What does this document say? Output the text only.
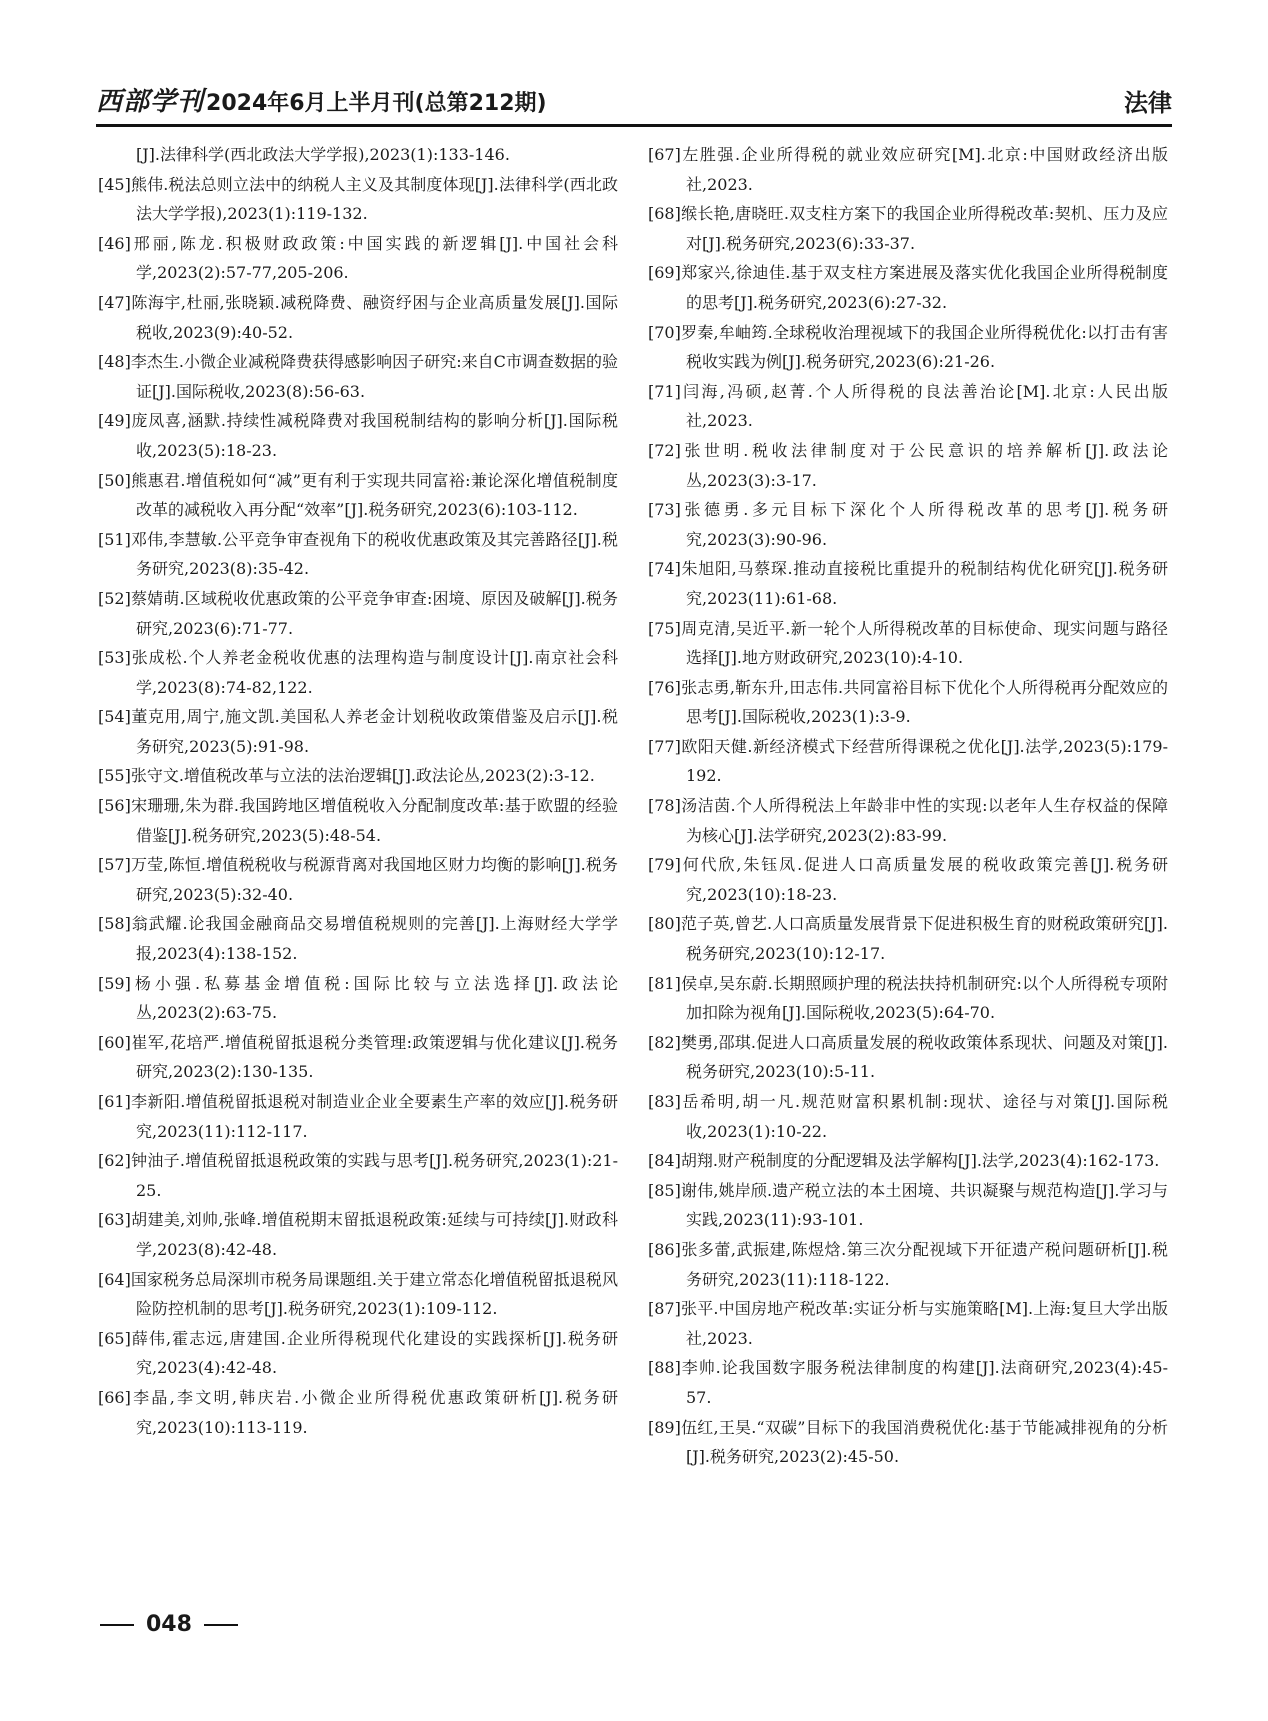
西部学刊 2024年6月上半月刊(总第212期)	法律

[J].法律科学(西北政法大学学报),2023(1):133-146.

[45]熊伟.税法总则立法中的纳税人主义及其制度体现[J].法律科学(西北政法大学学报),2023(1):119-132.

[46]邢丽,陈龙.积极财政政策:中国实践的新逻辑[J].中国社会科学,2023(2):57-77,205-206.

[47]陈海宇,杜丽,张晓颖.减税降费、融资纾困与企业高质量发展[J].国际税收,2023(9):40-52.

[48]李杰生.小微企业减税降费获得感影响因子研究:来自C市调查数据的验证[J].国际税收,2023(8):56-63.

[49]庞凤喜,涵默.持续性减税降费对我国税制结构的影响分析[J].国际税收,2023(5):18-23.

[50]熊惠君.增值税如何“减”更有利于实现共同富裕:兼论深化增值税制度改革的减税收入再分配“效率”[J].税务研究,2023(6):103-112.

[51]邓伟,李慧敏.公平竞争审查视角下的税收优惠政策及其完善路径[J].税务研究,2023(8):35-42.

[52]蔡婧萌.区域税收优惠政策的公平竞争审查:困境、原因及破解[J].税务研究,2023(6):71-77.

[53]张成松.个人养老金税收优惠的法理构造与制度设计[J].南京社会科学,2023(8):74-82,122.

[54]董克用,周宁,施文凯.美国私人养老金计划税收政策借鉴及启示[J].税务研究,2023(5):91-98.

[55]张守文.增值税改革与立法的法治逻辑[J].政法论丛,2023(2):3-12.

[56]宋珊珊,朱为群.我国跨地区增值税收入分配制度改革:基于欧盟的经验借鉴[J].税务研究,2023(5):48-54.

[57]万莹,陈恒.增值税税收与税源背离对我国地区财力均衡的影响[J].税务研究,2023(5):32-40.

[58]翁武耀.论我国金融商品交易增值税规则的完善[J].上海财经大学学报,2023(4):138-152.

[59]杨小强.私募基金增值税:国际比较与立法选择[J].政法论丛,2023(2):63-75.

[60]崔军,花培严.增值税留抵退税分类管理:政策逻辑与优化建议[J].税务研究,2023(2):130-135.

[61]李新阳.增值税留抵退税对制造业企业全要素生产率的效应[J].税务研究,2023(11):112-117.

[62]钟油子.增值税留抵退税政策的实践与思考[J].税务研究,2023(1):21-25.

[63]胡建美,刘帅,张峰.增值税期末留抵退税政策:延续与可持续[J].财政科学,2023(8):42-48.

[64]国家税务总局深圳市税务局课题组.关于建立常态化增值税留抵退税风险防控机制的思考[J].税务研究,2023(1):109-112.

[65]薛伟,霍志远,唐建国.企业所得税现代化建设的实践探析[J].税务研究,2023(4):42-48.

[66]李晶,李文明,韩庆岩.小微企业所得税优惠政策研析[J].税务研究,2023(10):113-119.

[67]左胜强.企业所得税的就业效应研究[M].北京:中国财政经济出版社,2023.

[68]缑长艳,唐晓旺.双支柱方案下的我国企业所得税改革:契机、压力及应对[J].税务研究,2023(6):33-37.

[69]郑家兴,徐迪佳.基于双支柱方案进展及落实优化我国企业所得税制度的思考[J].税务研究,2023(6):27-32.

[70]罗秦,牟岫筠.全球税收治理视域下的我国企业所得税优化:以打击有害税收实践为例[J].税务研究,2023(6):21-26.

[71]闫海,冯硕,赵菁.个人所得税的良法善治论[M].北京:人民出版社,2023.

[72]张世明.税收法律制度对于公民意识的培养解析[J].政法论丛,2023(3):3-17.

[73]张德勇.多元目标下深化个人所得税改革的思考[J].税务研究,2023(3):90-96.

[74]朱旭阳,马蔡琛.推动直接税比重提升的税制结构优化研究[J].税务研究,2023(11):61-68.

[75]周克清,吴近平.新一轮个人所得税改革的目标使命、现实问题与路径选择[J].地方财政研究,2023(10):4-10.

[76]张志勇,靳东升,田志伟.共同富裕目标下优化个人所得税再分配效应的思考[J].国际税收,2023(1):3-9.

[77]欧阳天健.新经济模式下经营所得课税之优化[J].法学,2023(5):179-192.

[78]汤洁茵.个人所得税法上年龄非中性的实现:以老年人生存权益的保障为核心[J].法学研究,2023(2):83-99.

[79]何代欣,朱钰凤.促进人口高质量发展的税收政策完善[J].税务研究,2023(10):18-23.

[80]范子英,曾艺.人口高质量发展背景下促进积极生育的财税政策研究[J].税务研究,2023(10):12-17.

[81]侯卓,吴东蔚.长期照顾护理的税法扶持机制研究:以个人所得税专项附加扣除为视角[J].国际税收,2023(5):64-70.

[82]樊勇,邵琪.促进人口高质量发展的税收政策体系现状、问题及对策[J].税务研究,2023(10):5-11.

[83]岳希明,胡一凡.规范财富积累机制:现状、途径与对策[J].国际税收,2023(1):10-22.

[84]胡翔.财产税制度的分配逻辑及法学解构[J].法学,2023(4):162-173.

[85]谢伟,姚岸颀.遗产税立法的本土困境、共识凝聚与规范构造[J].学习与实践,2023(11):93-101.

[86]张多蕾,武振建,陈煜焓.第三次分配视域下开征遗产税问题研析[J].税务研究,2023(11):118-122.

[87]张平.中国房地产税改革:实证分析与实施策略[M].上海:复旦大学出版社,2023.

[88]李帅.论我国数字服务税法律制度的构建[J].法商研究,2023(4):45-57.

[89]伍红,王昊.“双碳”目标下的我国消费税优化:基于节能减排视角的分析[J].税务研究,2023(2):45-50.

048
